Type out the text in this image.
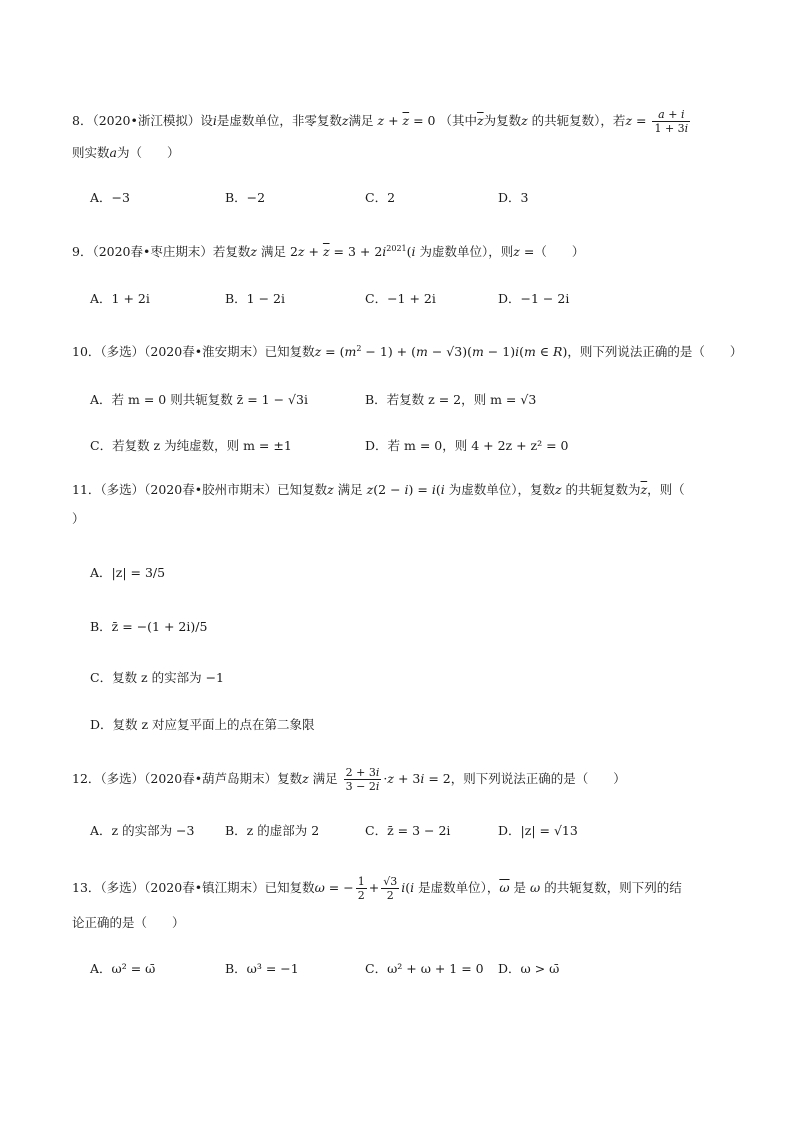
8．（2020•浙江模拟）设i是虚数单位，非零复数z满足 $z + \overline{z} = 0$ （其中$\overline{z}$为复数z 的共轭复数），若$z = \frac{a + i}{1 + 3i}$
则实数a为（　　）
A．−3	B．−2	C．2	D．3
9．（2020春•枣庄期末）若复数z 满足 $2z + \overline{z} = 3 + 2i^{2021}(i$ 为虚数单位），则z =（　　）
A．1 + 2i	B．1 − 2i	C．−1 + 2i	D．−1 − 2i
10．（多选）（2020春•淮安期末）已知复数$z = (m^2 - 1) + (m - √3)(m - 1)i(m$ ∈ R)，则下列说法正确的是（　　）
A．若 m = 0 则共轭复数 z̄ = 1 − √3i	B．若复数 z = 2，则 m = √3
C．若复数 z 为纯虚数，则 m = ±1	D．若 m = 0，则 4 + 2z + z² = 0
11．（多选）（2020春•胶州市期末）已知复数z 满足 z(2 − i) = i(i 为虚数单位），复数z 的共轭复数为$\overline{z}$，则（
）
A．|z| = 3/5
B．z̄ = −(1 + 2i)/5
C．复数 z 的实部为 −1
D．复数 z 对应复平面上的点在第二象限
12．（多选）（2020春•葫芦岛期末）复数z 满足 $\frac{2 + 3i}{3 - 2i} \cdot z + 3i = 2$，则下列说法正确的是（　　）
A．z 的实部为 −3 B．z 的虚部为 2	C．z̄ = 3 − 2i	D．|z| = √13
13．（多选）（2020春•镇江期末）已知复数ω = − $\frac{1}{2} + \frac{√3}{2} i(i$ 是虚数单位），$\overline{\omega}$ 是 ω 的共轭复数，则下列的结
论正确的是（　　）
A．ω² = ω̄	B．ω³ = −1	C．ω² + ω + 1 = 0 D．ω > ω̄
